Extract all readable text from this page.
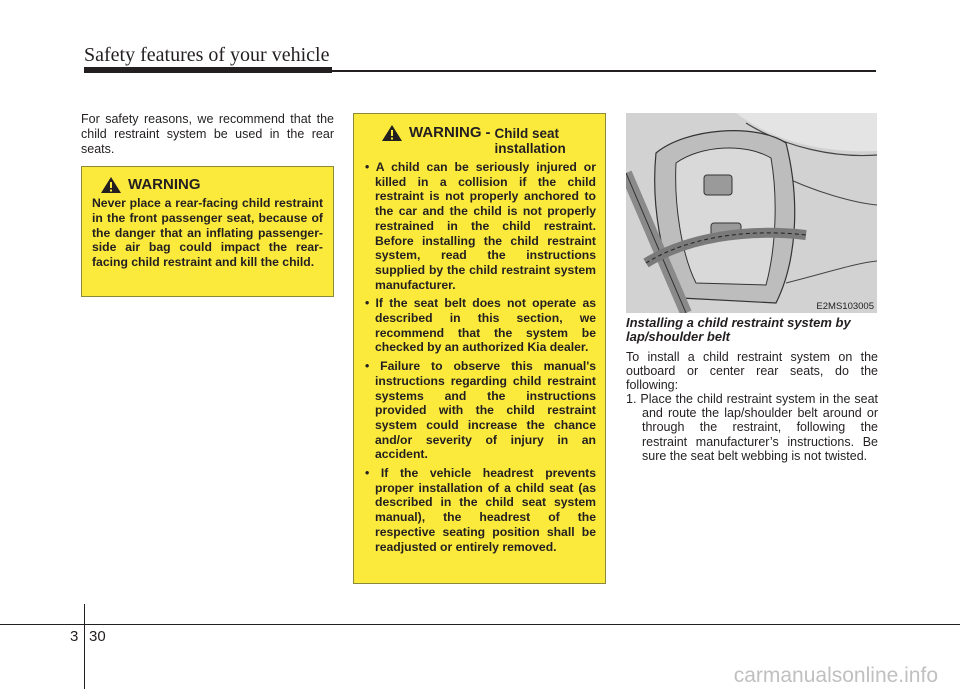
Safety features of your vehicle
For safety reasons, we recommend that the child restraint system be used in the rear seats.
WARNING
Never place a rear-facing child restraint in the front passenger seat, because of the danger that an inflating passenger-side air bag could impact the rear-facing child restraint and kill the child.
WARNING - Child seat installation
• A child can be seriously injured or killed in a collision if the child restraint is not properly anchored to the car and the child is not properly restrained in the child restraint. Before installing the child restraint system, read the instructions supplied by the child restraint system manufacturer.
• If the seat belt does not operate as described in this section, we recommend that the system be checked by an authorized Kia dealer.
• Failure to observe this manual's instructions regarding child restraint systems and the instructions provided with the child restraint system could increase the chance and/or severity of injury in an accident.
• If the vehicle headrest prevents proper installation of a child seat (as described in the child seat system manual), the headrest of the respective seating position shall be readjusted or entirely removed.
E2MS103005
Installing a child restraint system by lap/shoulder belt
To install a child restraint system on the outboard or center rear seats, do the following:
1. Place the child restraint system in the seat and route the lap/shoulder belt around or through the restraint, following the restraint manufacturer’s instructions. Be sure the seat belt webbing is not twisted.
3 30
carmanualsonline.info
